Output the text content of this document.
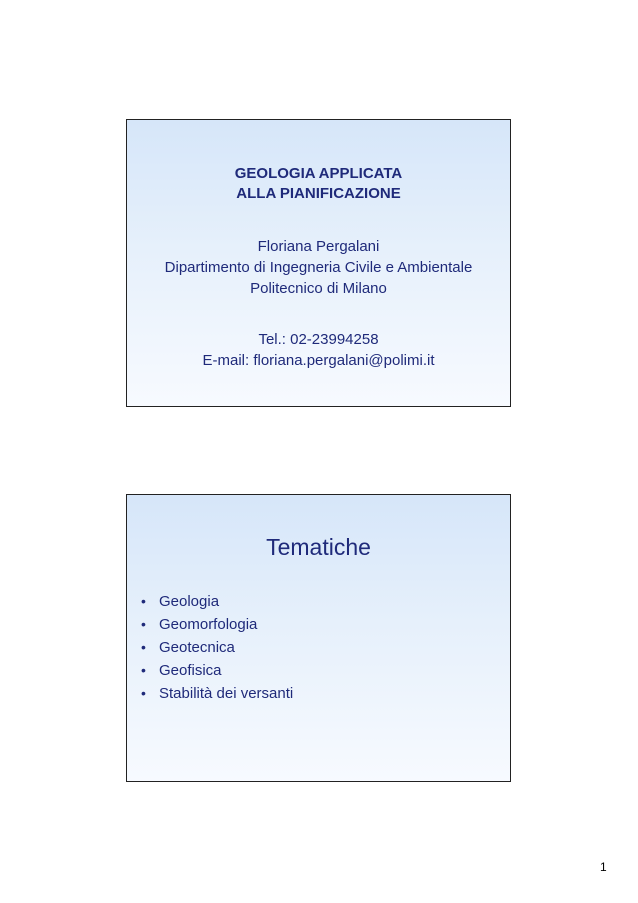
GEOLOGIA APPLICATA
ALLA PIANIFICAZIONE
Floriana Pergalani
Dipartimento di Ingegneria Civile e Ambientale
Politecnico di Milano
Tel.: 02-23994258
E-mail: floriana.pergalani@polimi.it
Tematiche
• Geologia
• Geomorfologia
• Geotecnica
• Geofisica
• Stabilità dei versanti
1
